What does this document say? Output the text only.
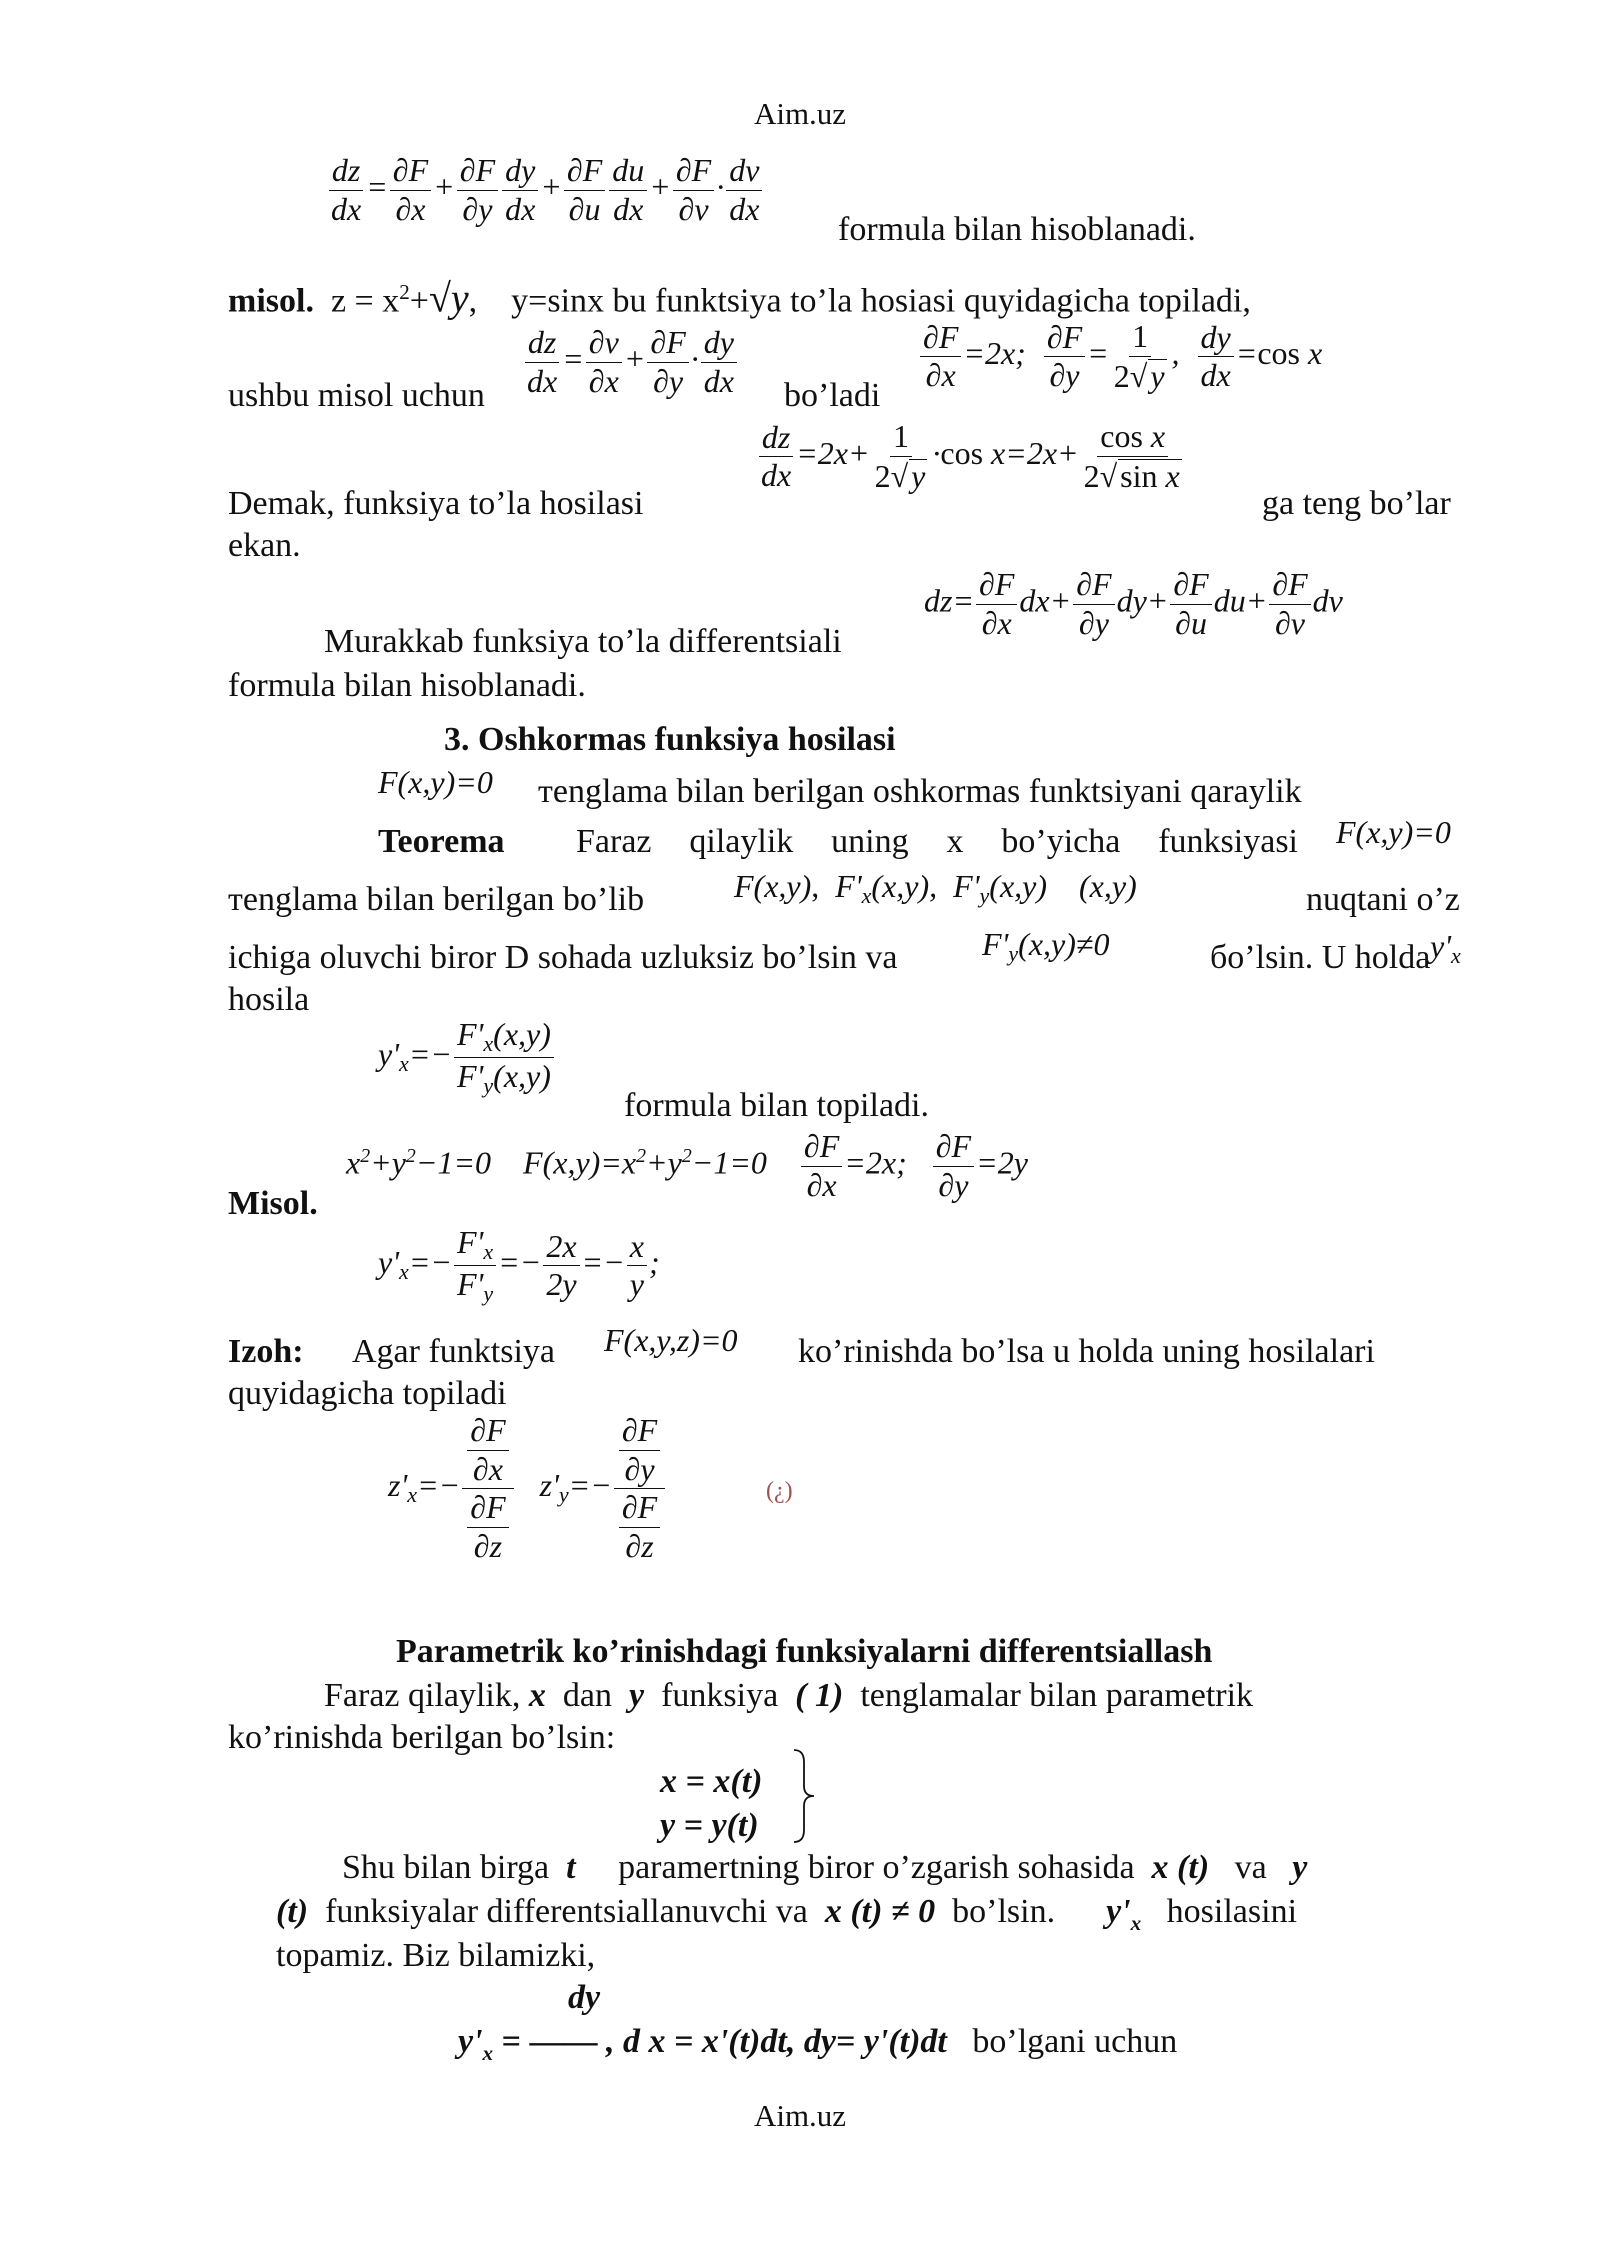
Aim.uz
$\frac{dz}{dx} = \frac{\partial F}{\partial x} + \frac{\partial F}{\partial y} \frac{dy}{dx} + \frac{\partial F}{\partial u} \frac{du}{dx} + \frac{\partial F}{\partial v} \cdot \frac{dv}{dx}$
formula bilan hisoblanadi.
misol. $z = x^2+√y$, y=sinx bu funktsiya to’la hosiasi quyidagicha topiladi,
ushbu misol uchun $\frac{dz}{dx} = \frac{\partial v}{\partial x} + \frac{\partial F}{\partial y} \cdot \frac{dy}{dx}$ bo’ladi
$\frac{\partial F}{\partial x} =2x$; $\frac{\partial F}{\partial y} = \frac{1}{2√y}$ , $\frac{dy}{dx} =\cos$ x
$\frac{dz}{dx} =2x+ \frac{1}{2√y} \cdot\cos$ $x=2x+ \frac{\text{cos x}}{\text{2√sin x}}$
Demak, funksiya to’la hosilasi	ga teng bo’lar
ekan.
$dz= \frac{\partial F}{\partial x} dx+ \frac{\partial F}{\partial y} dy+ \frac{\partial F}{\partial u} du+ \frac{\partial F}{\partial v}$ dv
Murakkab funksiya to’la differentsiali
formula bilan hisoblanadi.
3. Oshkormas funksiya hosilasi
F(x,y)=0 тenglama bilan berilgan oshkormas funktsiyani qaraylik
Teorema Faraz qilaylik uning x bo’yicha funksiyasi F(x,y)=0
тenglama bilan berilgan bo’lib	F(x,y),  F'x(x,y),  F'y(x,y)    (x,y)	nuqtani o’z
ichiga oluvchi biror D sohada uzluksiz bo’lsin va	F'y(x,y)≠0	бo’lsin. U holda y'x
hosila
$y'x=- \frac{F'x(x,y)}{F'y(x,y)}$
formula bilan topiladi.
$x^2+y^2-1=0$    $F(x,y)=x^2+y^2-1=0 \frac{\partial F}{\partial x} =2x$; $\frac{\partial F}{\partial y} =2y$
Misol.
$y'x=- \frac{F'x}{F'y} =- \frac{2x}{2y} =- \frac{x}{y}$ ;
Izoh: Agar funktsiya F(x,y,z)=0 ko’rinishda bo’lsa u holda uning hosilalari
quyidagicha topiladi
$z'x=- \frac{\frac{\partial F}{\partial x}}{\frac{\partial F}{\partial z}} z'y=- \frac{\frac{\partial F}{\partial y}}{\frac{\partial F}{\partial z}}$	(¿)
Parametrik ko’rinishdagi funksiyalarni differentsiallash
Faraz qilaylik, x dan y funksiya ( 1) tenglamalar bilan parametrik
ko’rinishda berilgan bo’lsin:
x = x(t)
y = y(t)
Shu bilan birga t paramertning biror o’zgarish sohasida x (t) va y
(t) funksiyalar differentsiallanuvchi va x (t) ≠ 0 bo’lsin. $y'_x$ hosilasini
topamiz. Biz bilamizki,
dy
$y'_x$ = —— , d x = x'(t)dt, dy= y'(t)dt bo’lgani uchun
Aim.uz
